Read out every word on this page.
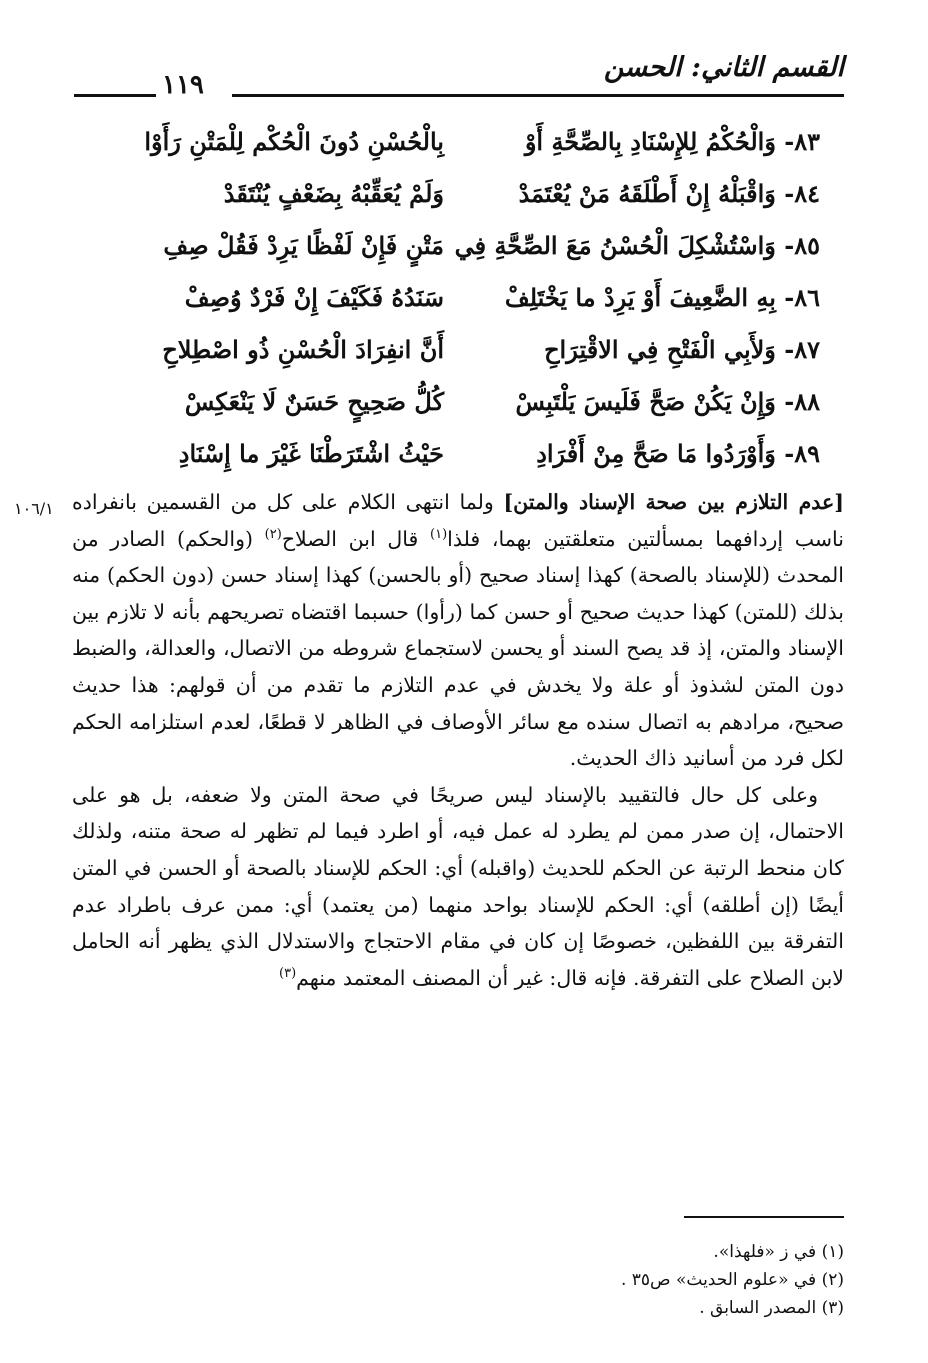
القسم الثاني: الحسن
١١٩
٨٣- وَالْحُكْمُ لِلإِسْنَادِ بِالصِّحَّةِ أَوْ
بِالْحُسْنِ دُونَ الْحُكْم لِلْمَتْنِ رَأَوْا
٨٤- وَاقْبَلْهُ إِنْ أَطْلَقَهُ مَنْ يُعْتَمَدْ
وَلَمْ يُعَقِّبْهُ بِضَعْفٍ يُنْتَقَدْ
٨٥- وَاسْتُشْكِلَ الْحُسْنُ مَعَ الصِّحَّةِ فِي
مَتْنٍ فَإِنْ لَفْظًا يَرِدْ فَقُلْ صِفِ
٨٦- بِهِ الضَّعِيفَ أَوْ يَرِدْ ما يَخْتَلِفْ
سَنَدُهُ فَكَيْفَ إِنْ فَرْدٌ وُصِفْ
٨٧- وَلأَبِي الْفَتْحِ فِي الاقْتِرَاحِ
أَنَّ انفِرَادَ الْحُسْنِ ذُو اصْطِلاحِ
٨٨- وَإِنْ يَكُنْ صَحَّ فَلَيسَ يَلْتَبِسْ
كُلُّ صَحِيحٍ حَسَنٌ لَا يَنْعَكِسْ
٨٩- وَأَوْرَدُوا مَا صَحَّ مِنْ أَفْرَادِ
حَيْثُ اشْتَرَطْنَا غَيْرَ ما إِسْنَادِ
١٠٦/١	[عدم التلازم بين صحة الإسناد والمتن] ولما انتهى الكلام على كل من القسمين بانفراده ناسب إردافهما بمسألتين متعلقتين بهما، فلذا$^{(١)}$ قال ابن الصلاح$^{(٢)}$ (والحكم) الصادر من المحدث (للإسناد بالصحة) كهذا إسناد صحيح (أو بالحسن) كهذا إسناد حسن (دون الحكم) منه بذلك (للمتن) كهذا حديث صحيح أو حسن كما (رأوا) حسبما اقتضاه تصريحهم بأنه لا تلازم بين الإسناد والمتن، إذ قد يصح السند أو يحسن لاستجماع شروطه من الاتصال، والعدالة، والضبط دون المتن لشذوذ أو علة ولا يخدش في عدم التلازم ما تقدم من أن قولهم: هذا حديث صحيح، مرادهم به اتصال سنده مع سائر الأوصاف في الظاهر لا قطعًا، لعدم استلزامه الحكم لكل فرد من أسانيد ذاك الحديث.

وعلى كل حال فالتقييد بالإسناد ليس صريحًا في صحة المتن ولا ضعفه، بل هو على الاحتمال، إن صدر ممن لم يطرد له عمل فيه، أو اطرد فيما لم تظهر له صحة متنه، ولذلك كان منحط الرتبة عن الحكم للحديث (واقبله) أي: الحكم للإسناد بالصحة أو الحسن في المتن أيضًا (إن أطلقه) أي: الحكم للإسناد بواحد منهما (من يعتمد) أي: ممن عرف باطراد عدم التفرقة بين اللفظين، خصوصًا إن كان في مقام الاحتجاج والاستدلال الذي يظهر أنه الحامل لابن الصلاح على التفرقة. فإنه قال: غير أن المصنف المعتمد منهم$^{(٣)}$

(١) في ز «فلهذا».
(٢) في «علوم الحديث» ص٣٥ .
(٣) المصدر السابق .
